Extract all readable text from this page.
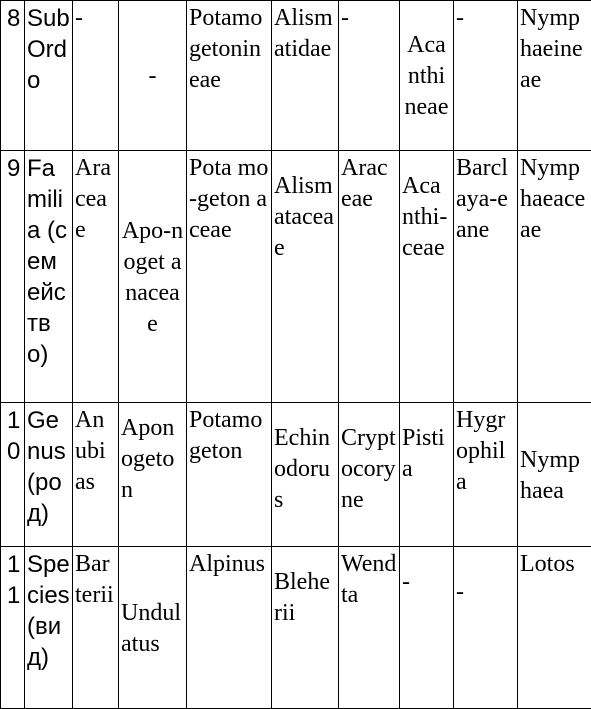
8	SubOrdo	-	-	Potamogetonineae	Alismatidae	-	Acanthineae	-	Nymphaeineae
9	Familia (семейство)	Araceae	Apo-noget anaceae	Pota mo-geton aceae	Alismataceae	Araceae	Acanthi-ceae	Barclaya-eane	Nymphaeaceae
10	Genus (род)	Anubias	Aponogeton	Potamogeton	Echinodorus	Cryptocoryne	Pistia	Hygrophila	Nymphaea
11	Species (вид)	Barterii	Undulatus	Alpinus	Bleherii	Wendta	-	-	Lotos
